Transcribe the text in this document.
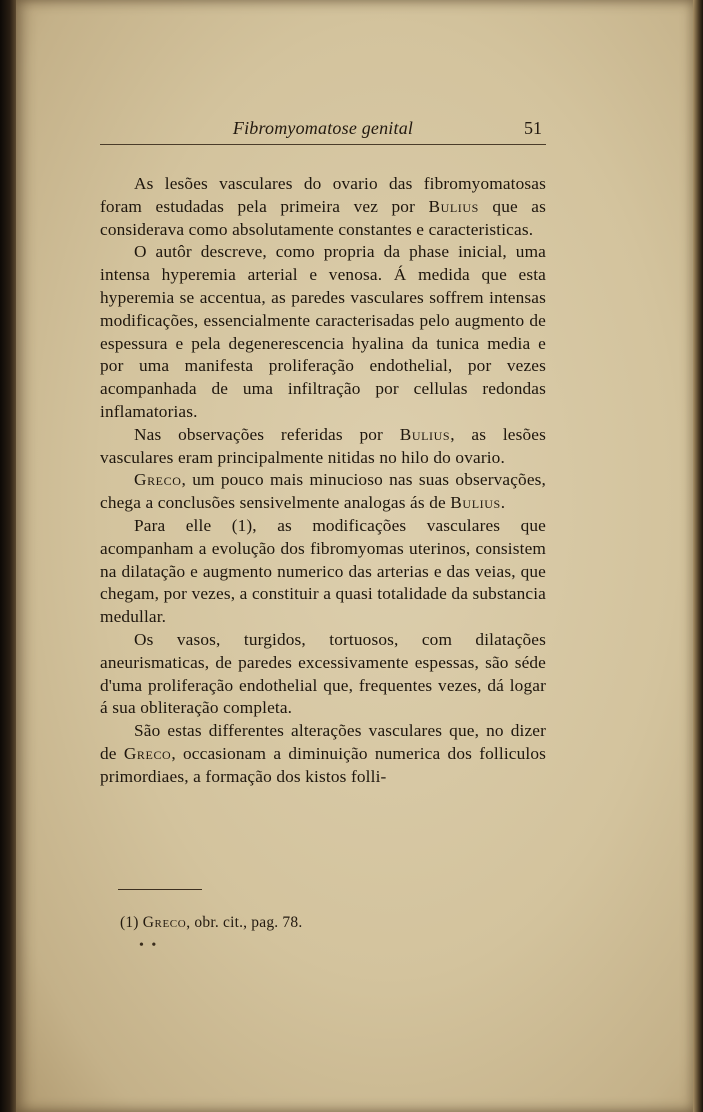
Fibromyomatose genital	51

As lesões vasculares do ovario das fibromyomatosas foram estudadas pela primeira vez por Bulius que as considerava como absolutamente constantes e caracteristicas.

O autôr descreve, como propria da phase inicial, uma intensa hyperemia arterial e venosa. Á medida que esta hyperemia se accentua, as paredes vasculares soffrem intensas modificações, essencialmente caracterisadas pelo augmento de espessura e pela degenerescencia hyalina da tunica media e por uma manifesta proliferação endothelial, por vezes acompanhada de uma infiltração por cellulas redondas inflamatorias.

Nas observações referidas por Bulius, as lesões vasculares eram principalmente nitidas no hilo do ovario.

Greco, um pouco mais minucioso nas suas observações, chega a conclusões sensivelmente analogas ás de Bulius.

Para elle (1), as modificações vasculares que acompanham a evolução dos fibromyomas uterinos, consistem na dilatação e augmento numerico das arterias e das veias, que chegam, por vezes, a constituir a quasi totalidade da substancia medullar.

Os vasos, turgidos, tortuosos, com dilatações aneurismaticas, de paredes excessivamente espessas, são séde d'uma proliferação endothelial que, frequentes vezes, dá logar á sua obliteração completa.

São estas differentes alterações vasculares que, no dizer de Greco, occasionam a diminuição numerica dos folliculos primordiaes, a formação dos kistos folli-

(1) Greco, obr. cit., pag. 78.
• •
